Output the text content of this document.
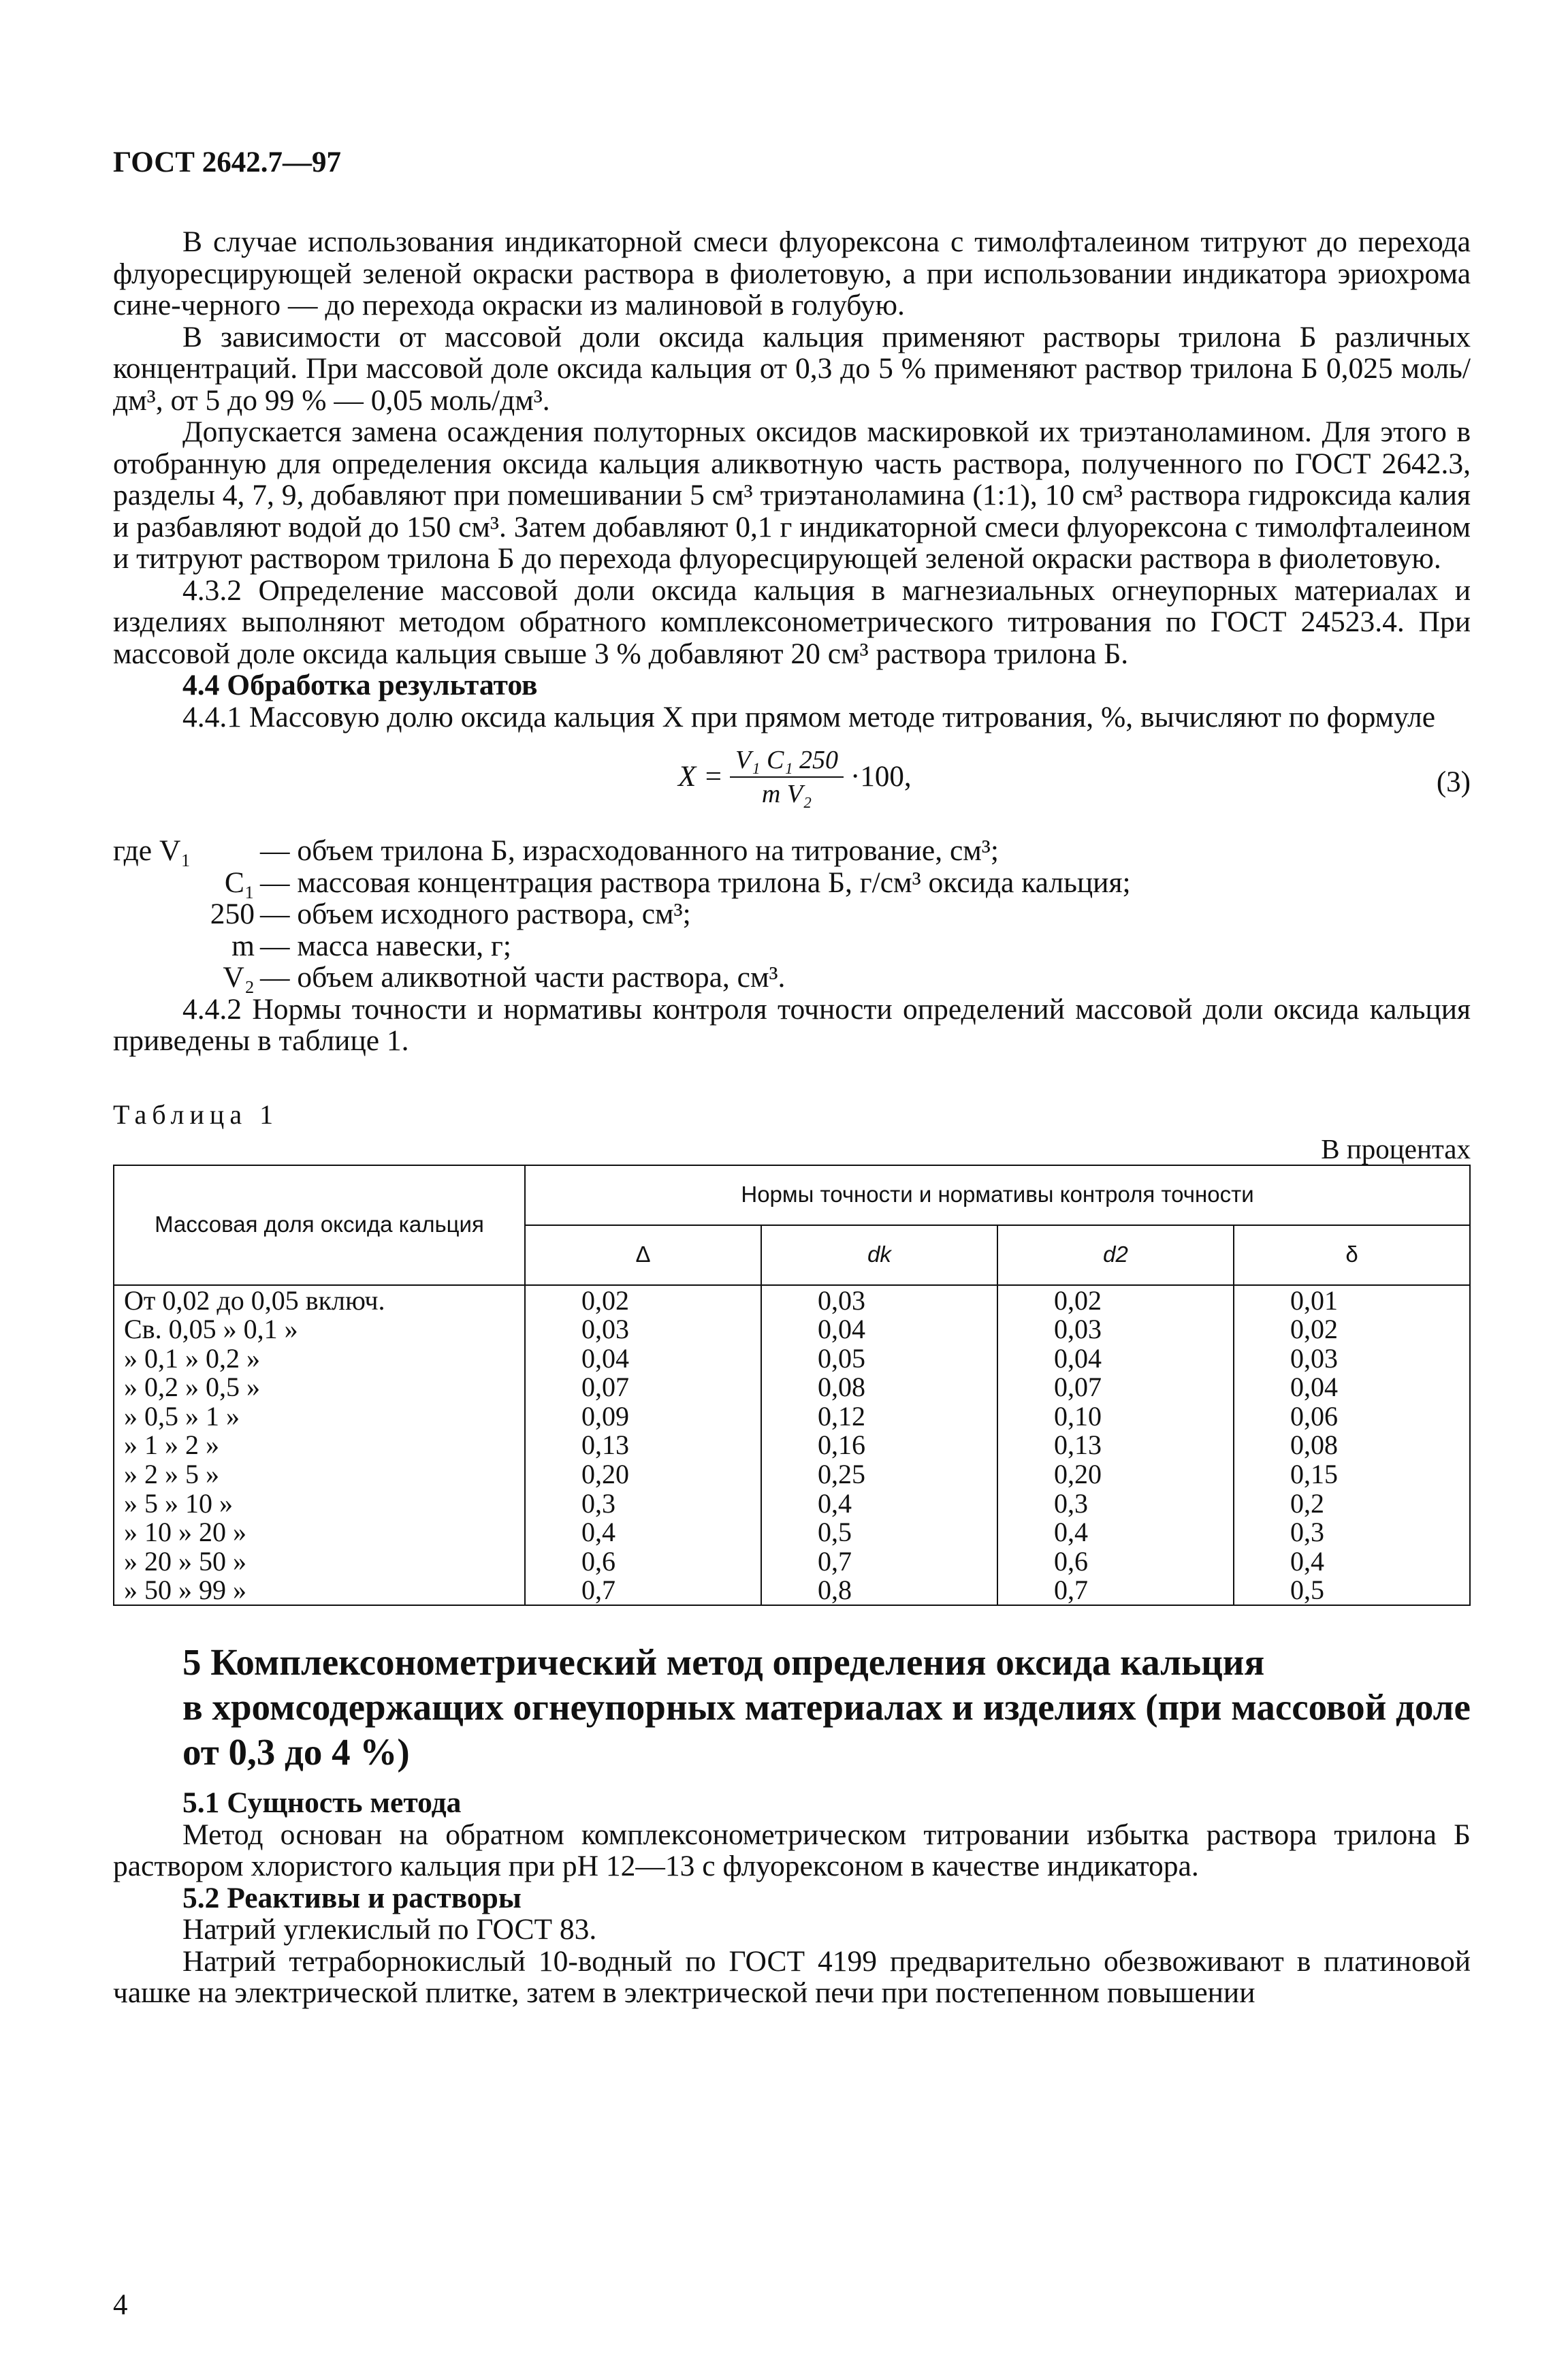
ГОСТ 2642.7—97

В случае использования индикаторной смеси флуорексона с тимолфталеином титруют до перехода флуоресцирующей зеленой окраски раствора в фиолетовую, а при использовании индикатора эриохрома сине-черного — до перехода окраски из малиновой в голубую.

В зависимости от массовой доли оксида кальция применяют растворы трилона Б различных концентраций. При массовой доле оксида кальция от 0,3 до 5 % применяют раствор трилона Б 0,025 моль/дм³, от 5 до 99 % — 0,05 моль/дм³.

Допускается замена осаждения полуторных оксидов маскировкой их триэтаноламином. Для этого в отобранную для определения оксида кальция аликвотную часть раствора, полученного по ГОСТ 2642.3, разделы 4, 7, 9, добавляют при помешивании 5 см³ триэтаноламина (1:1), 10 см³ раствора гидроксида калия и разбавляют водой до 150 см³. Затем добавляют 0,1 г индикаторной смеси флуорексона с тимолфталеином и титруют раствором трилона Б до перехода флуоресцирующей зеленой окраски раствора в фиолетовую.

4.3.2 Определение массовой доли оксида кальция в магнезиальных огнеупорных материалах и изделиях выполняют методом обратного комплексонометрического титрования по ГОСТ 24523.4. При массовой доле оксида кальция свыше 3 % добавляют 20 см³ раствора трилона Б.

4.4 Обработка результатов

4.4.1 Массовую долю оксида кальция X при прямом методе титрования, %, вычисляют по формуле

$X = \frac{\text{V₁ C₁ 250}}{\text{m V₂}} \cdot 100$,	(3)
где V₁	— объем трилона Б, израсходованного на титрование, см³;
C₁ — массовая концентрация раствора трилона Б, г/см³ оксида кальция;
250 — объем исходного раствора, см³;
m — масса навески, г;
V₂ — объем аликвотной части раствора, см³.

4.4.2 Нормы точности и нормативы контроля точности определений массовой доли оксида кальция приведены в таблице 1.

Таблица 1
В процентах
Массовая доля оксида кальция	Нормы точности и нормативы контроля точности			
	Δ	dk	d2	δ
От 0,02 до 0,05 включ.	0,02	0,03	0,02	0,01
Св. 0,05 » 0,1 »	0,03	0,04	0,03	0,02
» 0,1 » 0,2 »	0,04	0,05	0,04	0,03
» 0,2 » 0,5 »	0,07	0,08	0,07	0,04
» 0,5 » 1 »	0,09	0,12	0,10	0,06
» 1 » 2 »	0,13	0,16	0,13	0,08
» 2 » 5 »	0,20	0,25	0,20	0,15
» 5 » 10 »	0,3	0,4	0,3	0,2
» 10 » 20 »	0,4	0,5	0,4	0,3
» 20 » 50 »	0,6	0,7	0,6	0,4
» 50 » 99 »	0,7	0,8	0,7	0,5
5 Комплексонометрический метод определения оксида кальция
в хромсодержащих огнеупорных материалах и изделиях (при массовой доле
от 0,3 до 4 %)

5.1 Сущность метода

Метод основан на обратном комплексонометрическом титровании избытка раствора трилона Б раствором хлористого кальция при рН 12—13 с флуорексоном в качестве индикатора.

5.2 Реактивы и растворы

Натрий углекислый по ГОСТ 83.

Натрий тетраборнокислый 10-водный по ГОСТ 4199 предварительно обезвоживают в платиновой чашке на электрической плитке, затем в электрической печи при постепенном повышении

4
